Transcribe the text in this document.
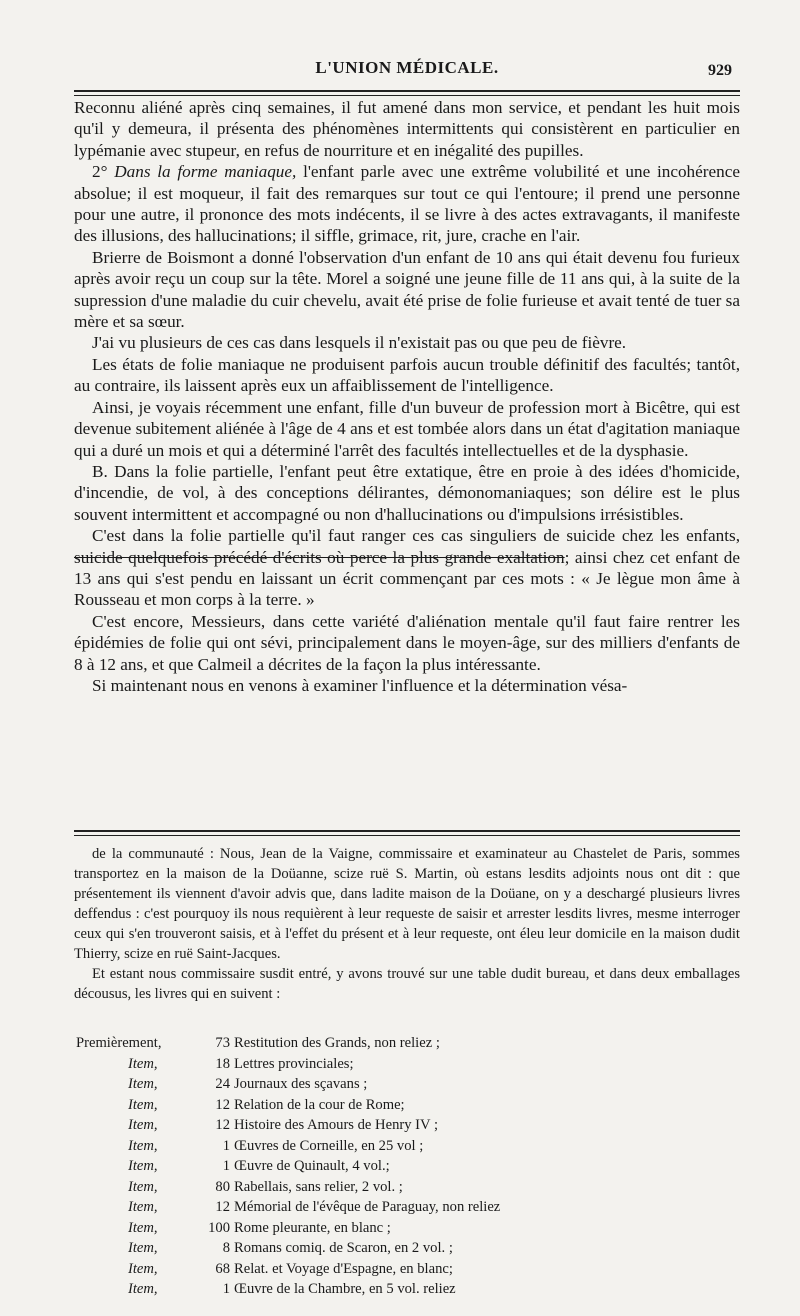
L'UNION MÉDICALE.	929

Reconnu aliéné après cinq semaines, il fut amené dans mon service, et pendant les huit mois qu'il y demeura, il présenta des phénomènes intermittents qui consistèrent en particulier en lypémanie avec stupeur, en refus de nourriture et en inégalité des pupilles.

2° Dans la forme maniaque, l'enfant parle avec une extrême volubilité et une incohérence absolue; il est moqueur, il fait des remarques sur tout ce qui l'entoure; il prend une personne pour une autre, il prononce des mots indécents, il se livre à des actes extravagants, il manifeste des illusions, des hallucinations; il siffle, grimace, rit, jure, crache en l'air.

Brierre de Boismont a donné l'observation d'un enfant de 10 ans qui était devenu fou furieux après avoir reçu un coup sur la tête. Morel a soigné une jeune fille de 11 ans qui, à la suite de la supression d'une maladie du cuir chevelu, avait été prise de folie furieuse et avait tenté de tuer sa mère et sa sœur.

J'ai vu plusieurs de ces cas dans lesquels il n'existait pas ou que peu de fièvre.

Les états de folie maniaque ne produisent parfois aucun trouble définitif des facultés; tantôt, au contraire, ils laissent après eux un affaiblissement de l'intelligence.

Ainsi, je voyais récemment une enfant, fille d'un buveur de profession mort à Bicêtre, qui est devenue subitement aliénée à l'âge de 4 ans et est tombée alors dans un état d'agitation maniaque qui a duré un mois et qui a déterminé l'arrêt des facultés intellectuelles et de la dysphasie.

B. Dans la folie partielle, l'enfant peut être extatique, être en proie à des idées d'homicide, d'incendie, de vol, à des conceptions délirantes, démonomaniaques; son délire est le plus souvent intermittent et accompagné ou non d'hallucinations ou d'impulsions irrésistibles.

C'est dans la folie partielle qu'il faut ranger ces cas singuliers de suicide chez les enfants, suicide quelquefois précédé d'écrits où perce la plus grande exaltation; ainsi chez cet enfant de 13 ans qui s'est pendu en laissant un écrit commençant par ces mots : « Je lègue mon âme à Rousseau et mon corps à la terre. »

C'est encore, Messieurs, dans cette variété d'aliénation mentale qu'il faut faire rentrer les épidémies de folie qui ont sévi, principalement dans le moyen-âge, sur des milliers d'enfants de 8 à 12 ans, et que Calmeil a décrites de la façon la plus intéressante.

Si maintenant nous en venons à examiner l'influence et la détermination vésa-

de la communauté : Nous, Jean de la Vaigne, commissaire et examinateur au Chastelet de Paris, sommes transportez en la maison de la Doüanne, scize ruë S. Martin, où estans lesdits adjoints nous ont dit : que présentement ils viennent d'avoir advis que, dans ladite maison de la Doüane, on y a deschargé plusieurs livres deffendus : c'est pourquoy ils nous requièrent à leur requeste de saisir et arrester lesdits livres, mesme interroger ceux qui s'en trouveront saisis, et à l'effet du présent et à leur requeste, ont éleu leur domicile en la maison dudit Thierry, scize en ruë Saint-Jacques.

Et estant nous commissaire susdit entré, y avons trouvé sur une table dudit bureau, et dans deux emballages décousus, les livres qui en suivent :

Premièrement,	73 Restitution des Grands, non reliez ;
Item,	18 Lettres provinciales;
Item,	24 Journaux des sçavans ;
Item,	12 Relation de la cour de Rome;
Item,	12 Histoire des Amours de Henry IV ;
Item,	1 Œuvres de Corneille, en 25 vol ;
Item,	1 Œuvre de Quinault, 4 vol.;
Item,	80 Rabellais, sans relier, 2 vol. ;
Item,	12 Mémorial de l'évêque de Paraguay, non reliez
Item,	100 Rome pleurante, en blanc ;
Item,	8 Romans comiq. de Scaron, en 2 vol. ;
Item,	68 Relat. et Voyage d'Espagne, en blanc;
Item,	1 Œuvre de la Chambre, en 5 vol. reliez
